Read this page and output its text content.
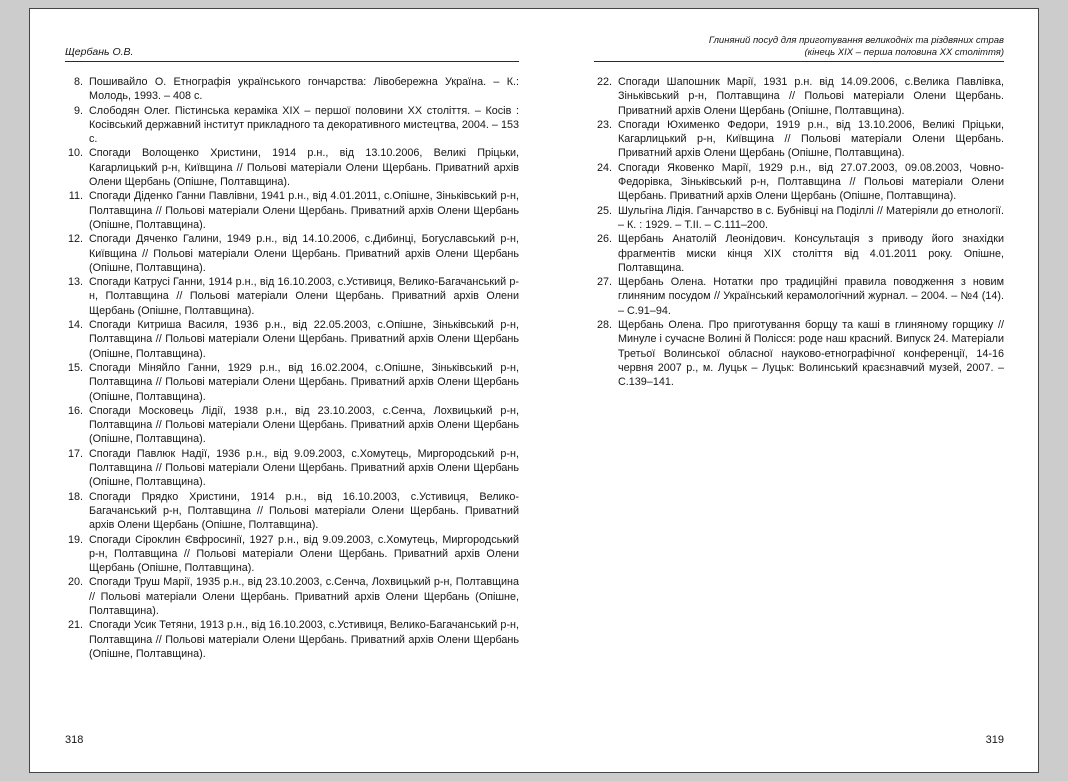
Щербань О.В.
8. Пошивайло О. Етнографія українського гончарства: Лівобережна Україна. – К.: Молодь, 1993. – 408 с.
9. Слободян Олег. Пістинська кераміка XIX – першої половини XX століття. – Косів : Косівський державний інститут прикладного та декоративного мистецтва, 2004. – 153 с.
10. Спогади Волощенко Христини, 1914 р.н., від 13.10.2006, Великі Пріцьки, Кагарлицький р-н, Київщина // Польові матеріали Олени Щербань. Приватний архів Олени Щербань (Опішне, Полтавщина).
11. Спогади Діденко Ганни Павлівни, 1941 р.н., від 4.01.2011, с.Опішне, Зіньківський р-н, Полтавщина // Польові матеріали Олени Щербань. Приватний архів Олени Щербань (Опішне, Полтавщина).
12. Спогади Дяченко Галини, 1949 р.н., від 14.10.2006, с.Дибинці, Богуславський р-н, Київщина // Польові матеріали Олени Щербань. Приватний архів Олени Щербань (Опішне, Полтавщина).
13. Спогади Катрусі Ганни, 1914 р.н., від 16.10.2003, с.Устивиця, Велико-Багачанський р-н, Полтавщина // Польові матеріали Олени Щербань. Приватний архів Олени Щербань (Опішне, Полтавщина).
14. Спогади Китриша Василя, 1936 р.н., від 22.05.2003, с.Опішне, Зіньківський р-н, Полтавщина // Польові матеріали Олени Щербань. Приватний архів Олени Щербань (Опішне, Полтавщина).
15. Спогади Міняйло Ганни, 1929 р.н., від 16.02.2004, с.Опішне, Зіньківський р-н, Полтавщина // Польові матеріали Олени Щербань. Приватний архів Олени Щербань (Опішне, Полтавщина).
16. Спогади Московець Лідії, 1938 р.н., від 23.10.2003, с.Сенча, Лохвицький р-н, Полтавщина // Польові матеріали Олени Щербань. Приватний архів Олени Щербань (Опішне, Полтавщина).
17. Спогади Павлюк Надії, 1936 р.н., від 9.09.2003, с.Хомутець, Миргородський р-н, Полтавщина // Польові матеріали Олени Щербань. Приватний архів Олени Щербань (Опішне, Полтавщина).
18. Спогади Прядко Христини, 1914 р.н., від 16.10.2003, с.Устивиця, Велико-Багачанський р-н, Полтавщина // Польові матеріали Олени Щербань. Приватний архів Олени Щербань (Опішне, Полтавщина).
19. Спогади Сіроклин Євфросинії, 1927 р.н., від 9.09.2003, с.Хомутець, Миргородський р-н, Полтавщина // Польові матеріали Олени Щербань. Приватний архів Олени Щербань (Опішне, Полтавщина).
20. Спогади Труш Марії, 1935 р.н., від 23.10.2003, с.Сенча, Лохвицький р-н, Полтавщина // Польові матеріали Олени Щербань. Приватний архів Олени Щербань (Опішне, Полтавщина).
21. Спогади Усик Тетяни, 1913 р.н., від 16.10.2003, с.Устивиця, Велико-Багачанський р-н, Полтавщина // Польові матеріали Олени Щербань. Приватний архів Олени Щербань (Опішне, Полтавщина).
318
Глиняний посуд для приготування великодніх та різдвяних страв
(кінець XIX – перша половина XX століття)
22. Спогади Шапошник Марії, 1931 р.н. від 14.09.2006, с.Велика Павлівка, Зіньківський р-н, Полтавщина // Польові матеріали Олени Щербань. Приватний архів Олени Щербань (Опішне, Полтавщина).
23. Спогади Юхименко Федори, 1919 р.н., від 13.10.2006, Великі Пріцьки, Кагарлицький р-н, Київщина // Польові матеріали Олени Щербань. Приватний архів Олени Щербань (Опішне, Полтавщина).
24. Спогади Яковенко Марії, 1929 р.н., від 27.07.2003, 09.08.2003, Човно-Федорівка, Зіньківський р-н, Полтавщина // Польові матеріали Олени Щербань. Приватний архів Олени Щербань (Опішне, Полтавщина).
25. Шульгіна Лідія. Ганчарство в с. Бубнівці на Поділлі // Матеріяли до етнології. – К. : 1929. – Т.II. – С.111–200.
26. Щербань Анатолій Леонідович. Консультація з приводу його знахідки фрагментів миски кінця XIX століття від 4.01.2011 року. Опішне, Полтавщина.
27. Щербань Олена. Нотатки про традиційні правила поводження з новим глиняним посудом // Український керамологічний журнал. – 2004. – №4 (14). – С.91–94.
28. Щербань Олена. Про приготування борщу та каші в глиняному горщику // Минуле і сучасне Волині й Полісся: роде наш красний. Випуск 24. Матеріали Третьої Волинської обласної науково-етнографічної конференції, 14-16 червня 2007 р., м. Луцьк – Луцьк: Волинський краєзнавчий музей, 2007. – С.139–141.
319
